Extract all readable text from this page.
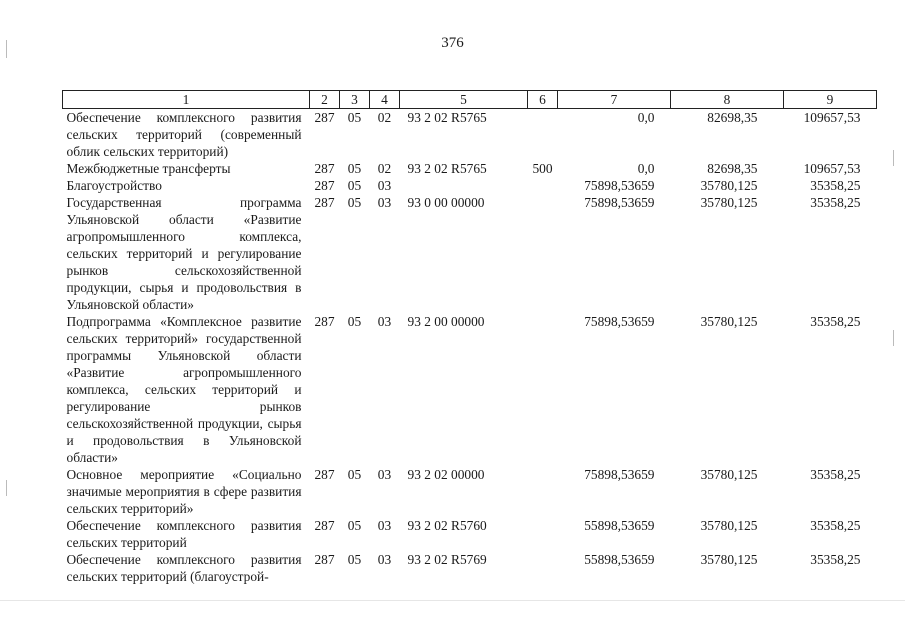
376
1	2	3	4	5	6	7	8	9
Обеспечение комплексного развития сельских территорий (современный облик сельских территорий)	287	05	02	93 2 02 R5765		0,0	82698,35	109657,53
Межбюджетные трансферты	287	05	02	93 2 02 R5765	500	0,0	82698,35	109657,53
Благоустройство	287	05	03			75898,53659	35780,125	35358,25
Государственная программа Ульяновской области «Развитие агропромышленного комплекса, сельских территорий и регулирование рынков сельскохозяйственной продукции, сырья и продовольствия в Ульяновской области»	287	05	03	93 0 00 00000		75898,53659	35780,125	35358,25
Подпрограмма «Комплексное развитие сельских территорий» государственной программы Ульяновской области «Развитие агропромышленного комплекса, сельских территорий и регулирование рынков сельскохозяйственной продукции, сырья и продовольствия в Ульяновской области»	287	05	03	93 2 00 00000		75898,53659	35780,125	35358,25
Основное мероприятие «Социально значимые мероприятия в сфере развития сельских территорий»	287	05	03	93 2 02 00000		75898,53659	35780,125	35358,25
Обеспечение комплексного развития сельских территорий	287	05	03	93 2 02 R5760		55898,53659	35780,125	35358,25
Обеспечение комплексного развития сельских территорий (благоустрой-	287	05	03	93 2 02 R5769		55898,53659	35780,125	35358,25
